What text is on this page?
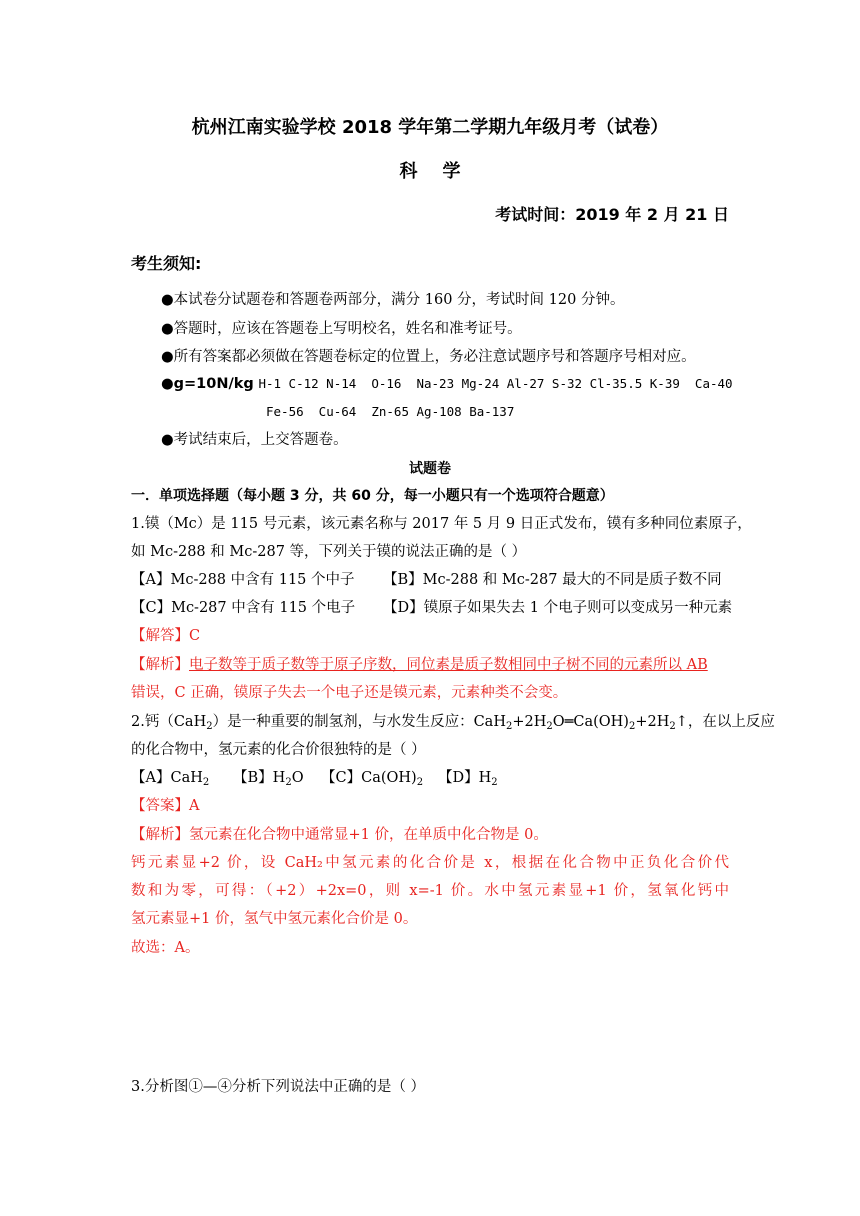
杭州江南实验学校 2018 学年第二学期九年级月考（试卷）
科    学
考试时间：2019 年 2 月 21 日
考生须知:
●本试卷分试题卷和答题卷两部分，满分 160 分，考试时间 120 分钟。
●答题时，应该在答题卷上写明校名，姓名和准考证号。
●所有答案都必须做在答题卷标定的位置上，务必注意试题序号和答题序号相对应。
●g=10N/kg H-1 C-12 N-14  O-16  Na-23 Mg-24 Al-27 S-32 Cl-35.5 K-39  Ca-40
Fe-56  Cu-64  Zn-65 Ag-108 Ba-137
●考试结束后，上交答题卷。
试题卷
一．单项选择题（每小题 3 分，共 60 分，每一小题只有一个选项符合题意）
1.镆（Mc）是 115 号元素，该元素名称与 2017 年 5 月 9 日正式发布，镆有多种同位素原子，
如 Mc-288 和 Mc-287 等，下列关于镆的说法正确的是（ ）
【A】Mc-288 中含有 115 个中子 【B】Mc-288 和 Mc-287 最大的不同是质子数不同
【C】Mc-287 中含有 115 个电子 【D】镆原子如果失去 1 个电子则可以变成另一种元素
【解答】C
【解析】电子数等于质子数等于原子序数，同位素是质子数相同中子树不同的元素所以 AB
错误，C 正确，镆原子失去一个电子还是镆元素，元素种类不会变。
2.钙（CaH$_2$）是一种重要的制氢剂，与水发生反应：$CaH_2+2H_2O═Ca(OH)_2+2H_2↑$，在以上反应
的化合物中，氢元素的化合价很独特的是（ ）
【A】CaH$_2$ 【B】$H_2O$ 【C】$Ca(OH)_2$ 【D】$H_2$
【答案】A
【解析】氢元素在化合物中通常显+1 价，在单质中化合物是 0。
钙元素显+2 价，设 CaH₂中氢元素的化合价是 x，根据在化合物中正负化合价代
数和为零，可得：（+2）+2x=0，则 x=-1 价。水中氢元素显+1 价，氢氧化钙中
氢元素显+1 价，氢气中氢元素化合价是 0。
故选：A。
3.分析图①—④分析下列说法中正确的是（ ）
